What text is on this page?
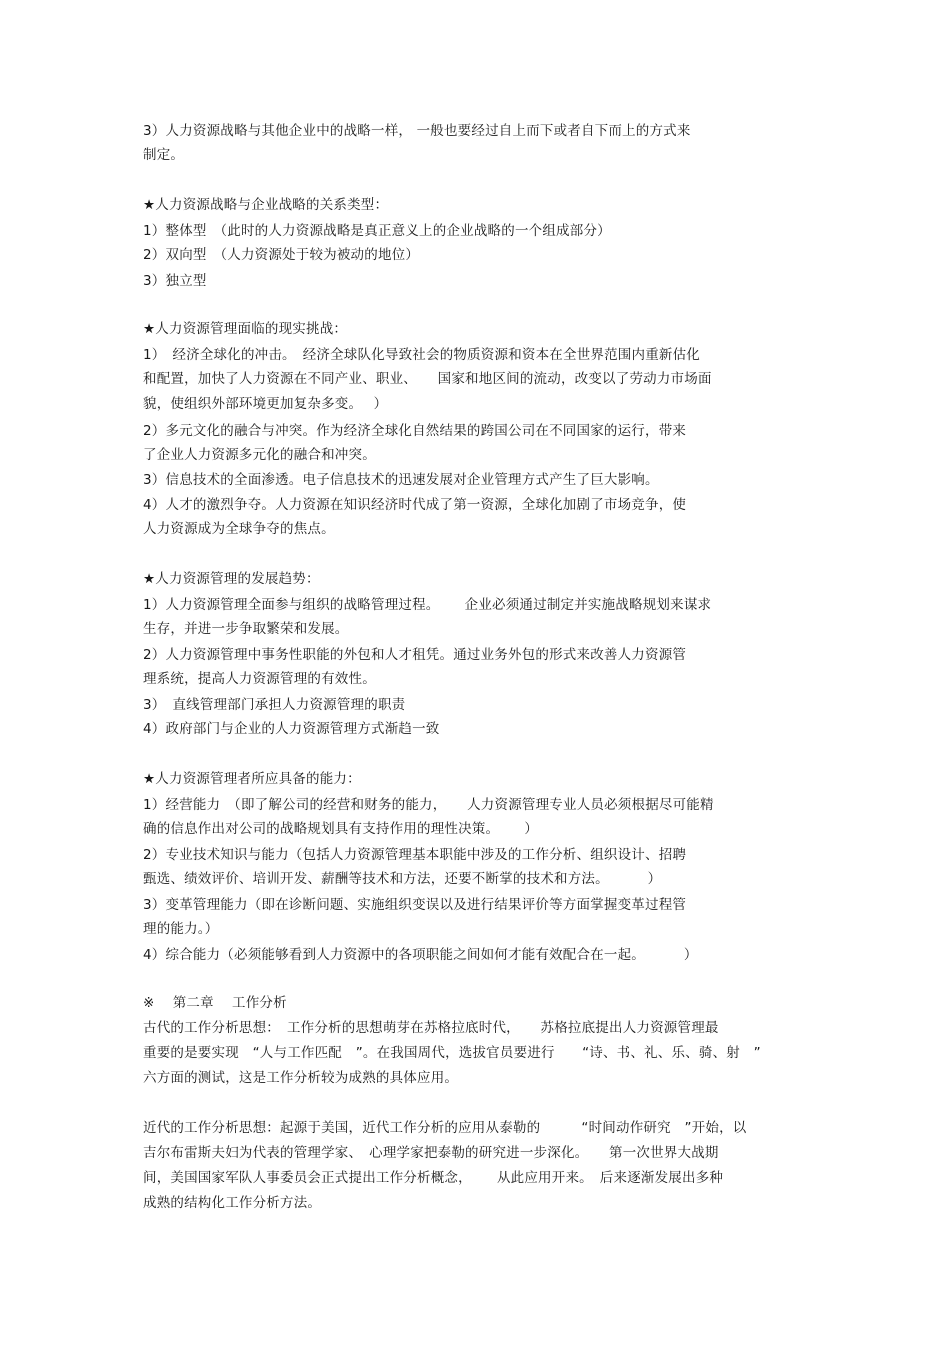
3）人力资源战略与其他企业中的战略一样， 一般也要经过自上而下或者自下而上的方式来
制定。
★人力资源战略与企业战略的关系类型：
1）整体型　（此时的人力资源战略是真正意义上的企业战略的一个组成部分）
2）双向型　（人力资源处于较为被动的地位）
3）独立型
★人力资源管理面临的现实挑战：
1）　经济全球化的冲击。　经济全球队化导致社会的物质资源和资本在全世界范围内重新估化
和配置，加快了人力资源在不同产业、职业、　　国家和地区间的流动，改变以了劳动力市场面
貌，使组织外部环境更加复杂多变。　 ）
2）多元文化的融合与冲突。作为经济全球化自然结果的跨国公司在不同国家的运行，带来
了企业人力资源多元化的融合和冲突。
3）信息技术的全面渗透。电子信息技术的迅速发展对企业管理方式产生了巨大影响。
4）人才的激烈争夺。人力资源在知识经济时代成了第一资源，全球化加剧了市场竞争，使
人力资源成为全球争夺的焦点。
★人力资源管理的发展趋势：
1）人力资源管理全面参与组织的战略管理过程。　　 企业必须通过制定并实施战略规划来谋求
生存，并进一步争取繁荣和发展。
2）人力资源管理中事务性职能的外包和人才租凭。通过业务外包的形式来改善人力资源管
理系统，提高人力资源管理的有效性。
3）　直线管理部门承担人力资源管理的职责
4）政府部门与企业的人力资源管理方式渐趋一致
★人力资源管理者所应具备的能力：
1）经营能力　（即了解公司的经营和财务的能力，　　人力资源管理专业人员必须根据尽可能精
确的信息作出对公司的战略规划具有支持作用的理性决策。　　 ）
2）专业技术知识与能力（包括人力资源管理基本职能中涉及的工作分析、组织设计、招聘
甄选、绩效评价、培训开发、薪酬等技术和方法，还要不断掌的技术和方法。　　　 ）
3）变革管理能力（即在诊断问题、实施组织变误以及进行结果评价等方面掌握变革过程管
理的能力。）
4）综合能力（必须能够看到人力资源中的各项职能之间如何才能有效配合在一起。　　　 ）
※　 第二章　 工作分析
古代的工作分析思想：　工作分析的思想萌芽在苏格拉底时代，　　苏格拉底提出人力资源管理最
重要的是要实现　“人与工作匹配　”。在我国周代，选拔官员要进行　　“诗、书、礼、乐、骑、射　”
六方面的测试，这是工作分析较为成熟的具体应用。
近代的工作分析思想：起源于美国，近代工作分析的应用从泰勒的　　　“时间动作研究　”开始，以
吉尔布雷斯夫妇为代表的管理学家、　心理学家把泰勒的研究进一步深化。　　第一次世界大战期
间，美国国家军队人事委员会正式提出工作分析概念，　　 从此应用开来。　后来逐渐发展出多种
成熟的结构化工作分析方法。
